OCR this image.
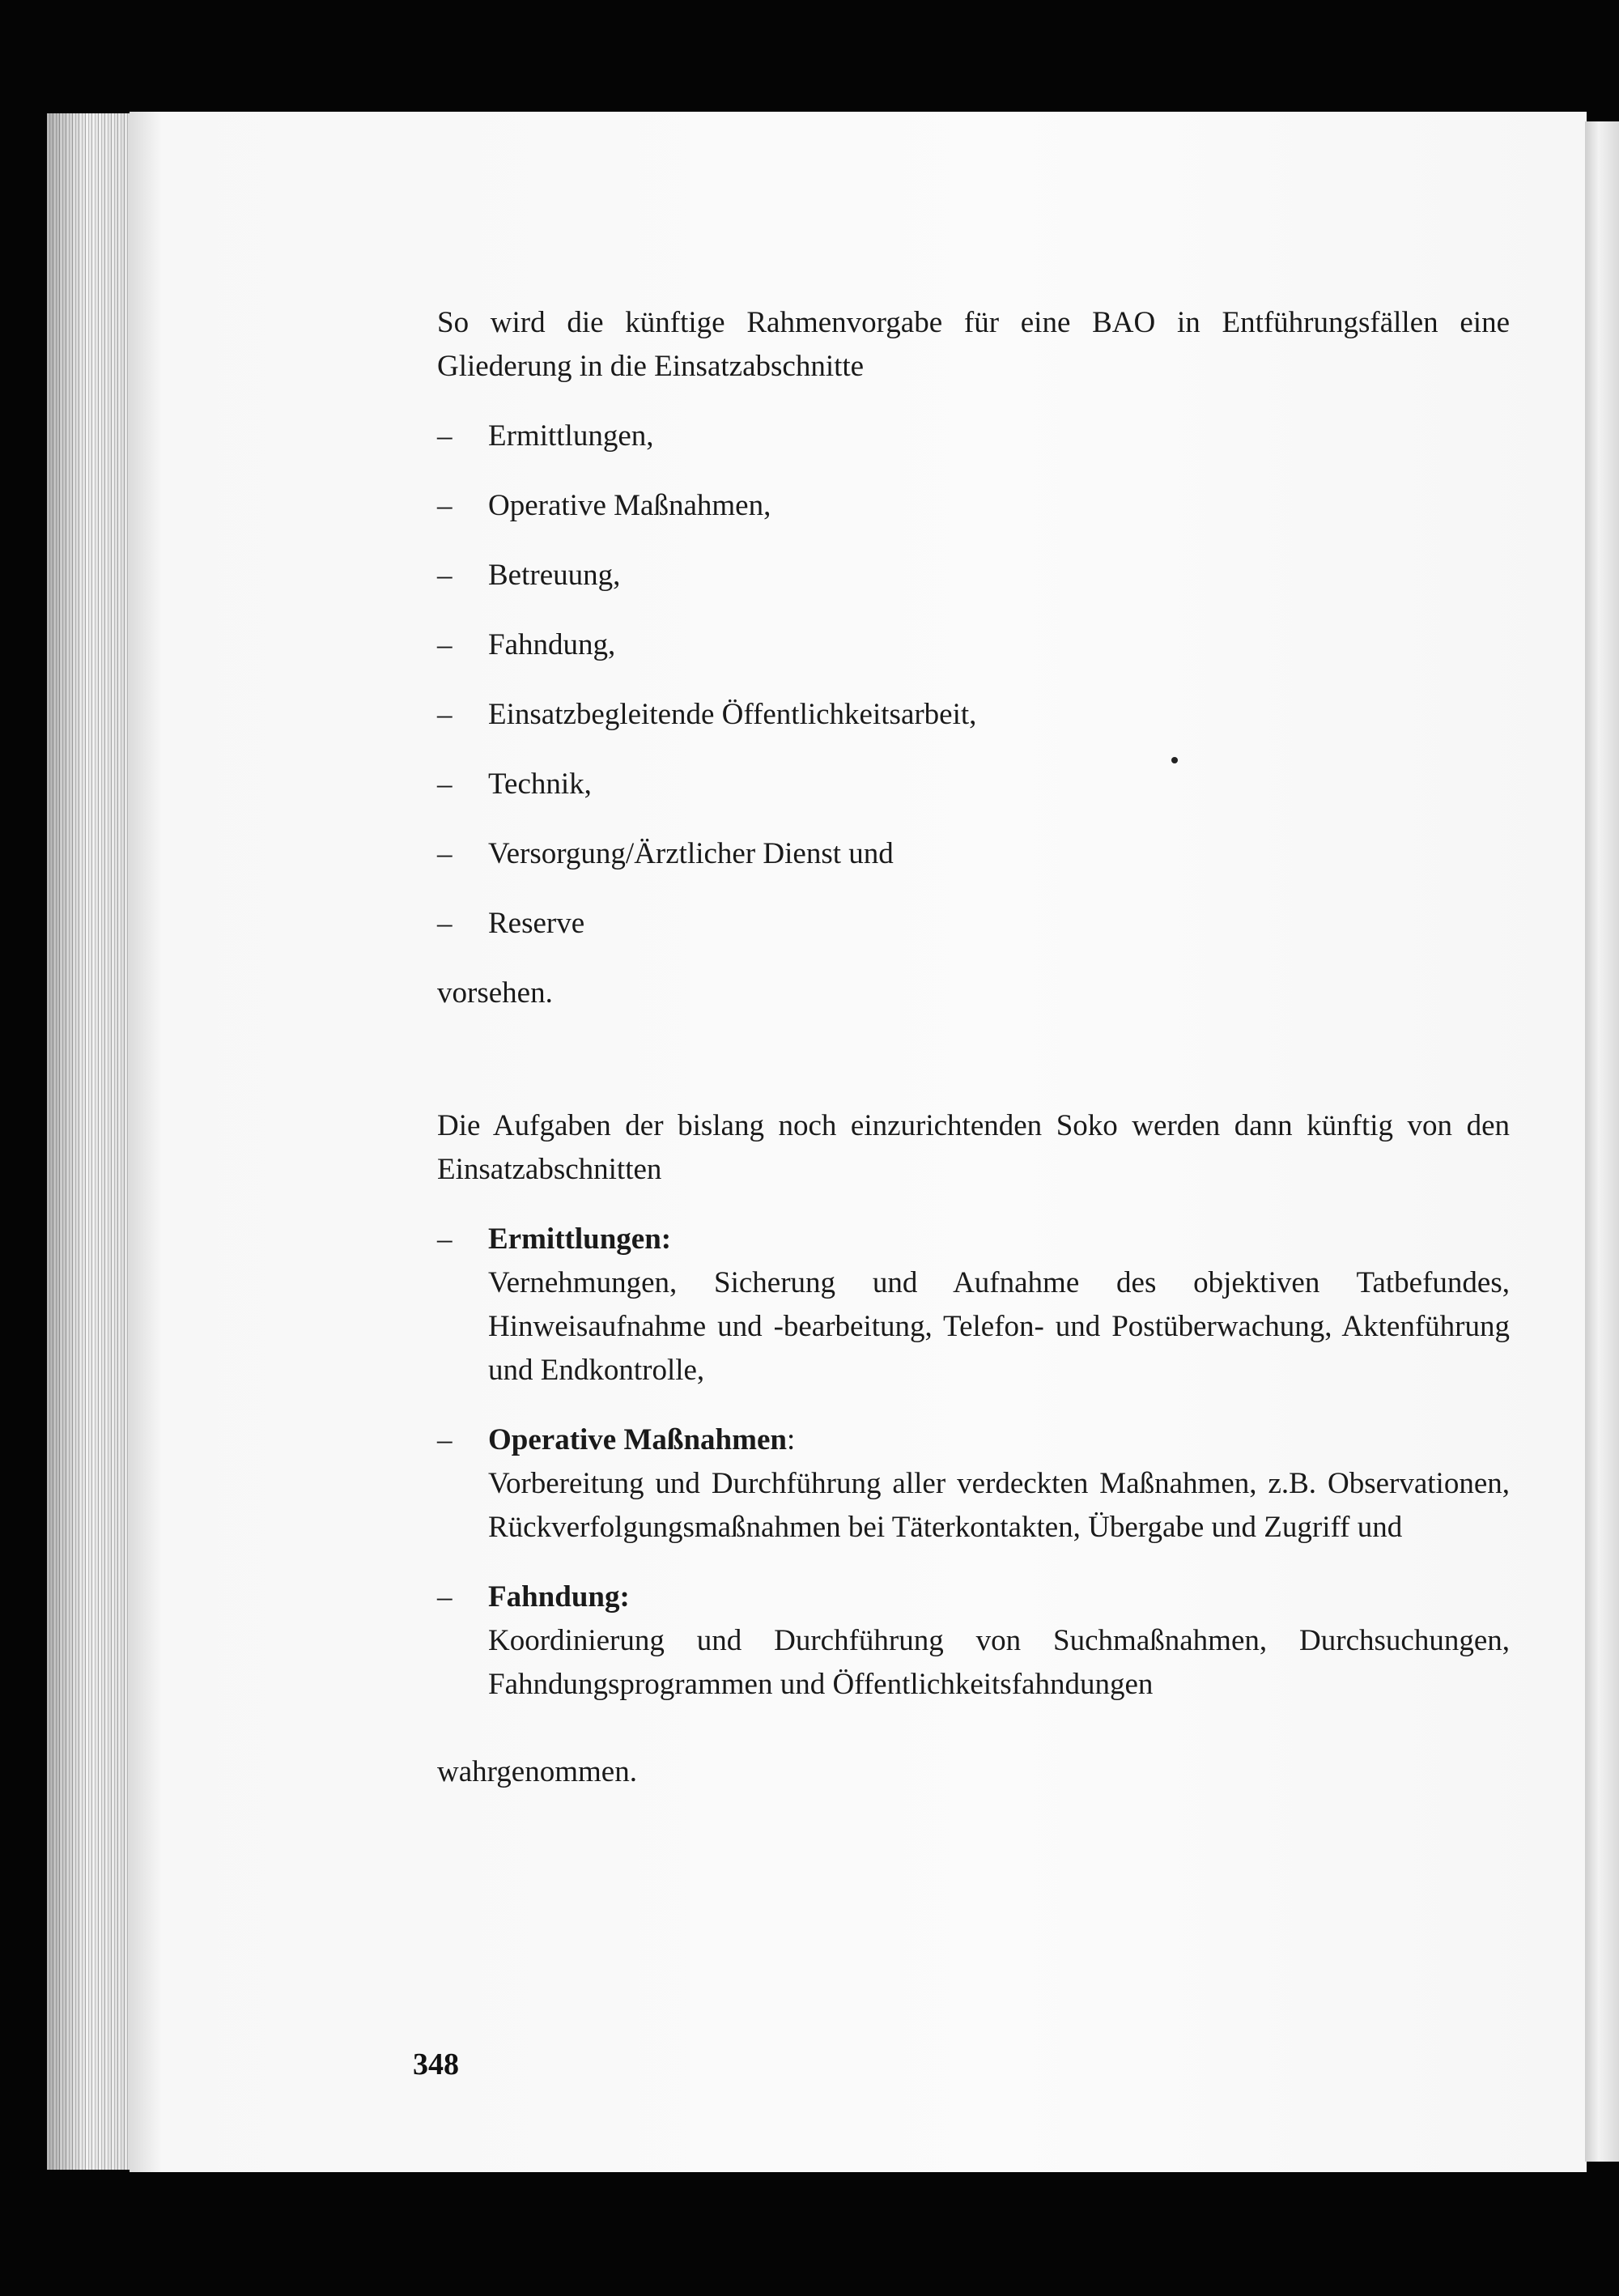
So wird die künftige Rahmenvorgabe für eine BAO in Entführungsfällen eine Gliederung in die Einsatzabschnitte

–	Ermittlungen,
–	Operative Maßnahmen,
–	Betreuung,
–	Fahndung,
–	Einsatzbegleitende Öffentlichkeitsarbeit,
–	Technik,
–	Versorgung/Ärztlicher Dienst und
–	Reserve

vorsehen.

Die Aufgaben der bislang noch einzurichtenden Soko werden dann künftig von den Einsatzabschnitten

–	Ermittlungen:
Vernehmungen, Sicherung und Aufnahme des objektiven Tatbefundes, Hinweisaufnahme und -bearbeitung, Telefon- und Postüberwachung, Aktenführung und Endkontrolle,
–	Operative Maßnahmen:
Vorbereitung und Durchführung aller verdeckten Maßnahmen, z.B. Observationen, Rückverfolgungsmaßnahmen bei Täterkontakten, Übergabe und Zugriff und
–	Fahndung:
Koordinierung und Durchführung von Suchmaßnahmen, Durchsuchungen, Fahndungsprogrammen und Öffentlichkeitsfahndungen

wahrgenommen.

348
